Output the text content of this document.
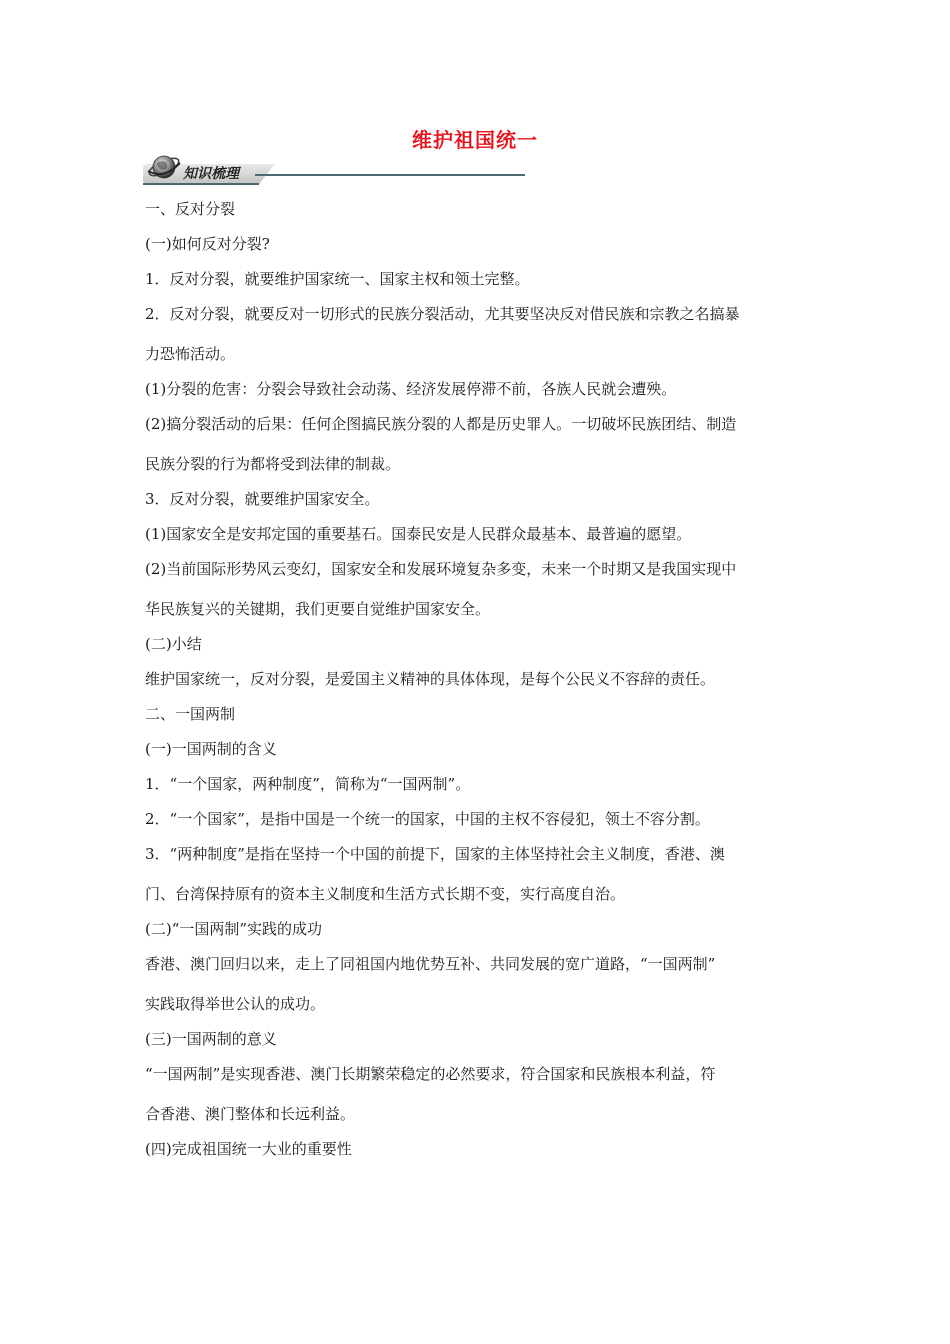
维护祖国统一
知识梳理

一、反对分裂

(一)如何反对分裂?

1．反对分裂，就要维护国家统一、国家主权和领土完整。

2．反对分裂，就要反对一切形式的民族分裂活动，尤其要坚决反对借民族和宗教之名搞暴

力恐怖活动。

(1)分裂的危害：分裂会导致社会动荡、经济发展停滞不前，各族人民就会遭殃。

(2)搞分裂活动的后果：任何企图搞民族分裂的人都是历史罪人。一切破坏民族团结、制造

民族分裂的行为都将受到法律的制裁。

3．反对分裂，就要维护国家安全。

(1)国家安全是安邦定国的重要基石。国泰民安是人民群众最基本、最普遍的愿望。

(2)当前国际形势风云变幻，国家安全和发展环境复杂多变，未来一个时期又是我国实现中

华民族复兴的关键期，我们更要自觉维护国家安全。

(二)小结

维护国家统一，反对分裂，是爱国主义精神的具体体现，是每个公民义不容辞的责任。

二、一国两制

(一)一国两制的含义

1．“一个国家，两种制度”，简称为“一国两制”。

2．“一个国家”，是指中国是一个统一的国家，中国的主权不容侵犯，领土不容分割。

3．“两种制度”是指在坚持一个中国的前提下，国家的主体坚持社会主义制度，香港、澳

门、台湾保持原有的资本主义制度和生活方式长期不变，实行高度自治。

(二)“一国两制”实践的成功

香港、澳门回归以来，走上了同祖国内地优势互补、共同发展的宽广道路，“一国两制”

实践取得举世公认的成功。

(三)一国两制的意义

“一国两制”是实现香港、澳门长期繁荣稳定的必然要求，符合国家和民族根本利益，符

合香港、澳门整体和长远利益。

(四)完成祖国统一大业的重要性
